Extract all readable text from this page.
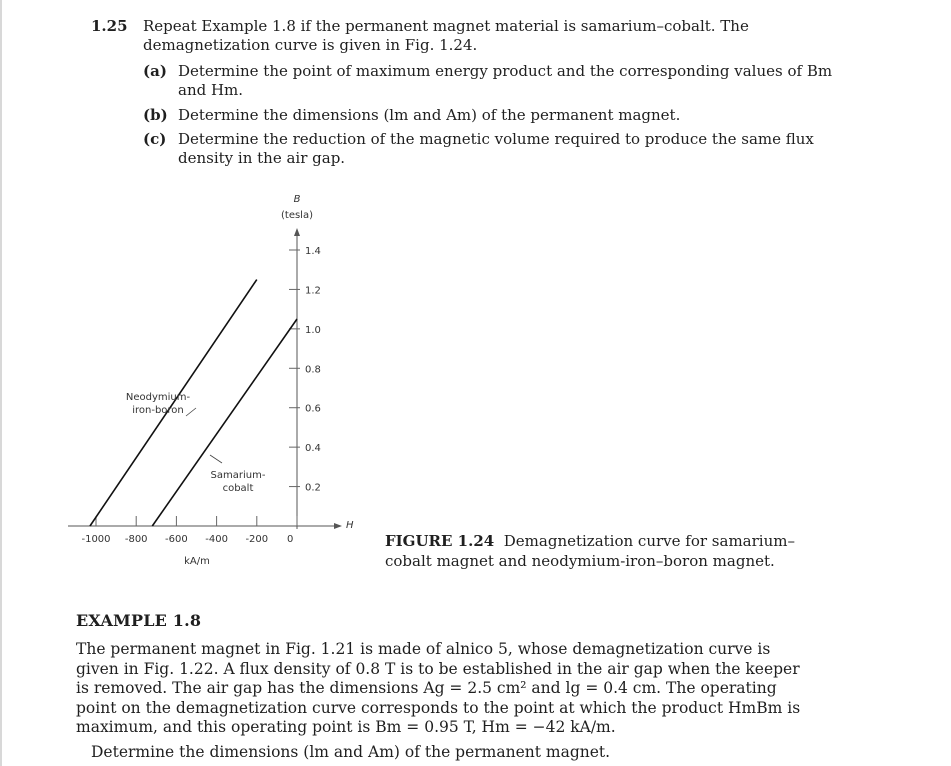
1.25 Repeat Example 1.8 if the permanent magnet material is samarium–cobalt. The demagnetization curve is given in Fig. 1.24.
(a) Determine the point of maximum energy product and the corresponding values of Bm and Hm.
(b) Determine the dimensions (lm and Am) of the permanent magnet.
(c) Determine the reduction of the magnetic volume required to produce the same flux density in the air gap.
B
(tesla)
H
kA/m
0.2
0.4
0.6
0.8
1.0
1.2
1.4
-1000 -800 -600 -400 -200 0
Neodymium-
iron-boron
Samarium-
cobalt
FIGURE 1.24 Demagnetization curve for samarium–cobalt magnet and neodymium-iron–boron magnet.
EXAMPLE 1.8
The permanent magnet in Fig. 1.21 is made of alnico 5, whose demagnetization curve is given in Fig. 1.22. A flux density of 0.8 T is to be established in the air gap when the keeper is removed. The air gap has the dimensions Ag = 2.5 cm² and lg = 0.4 cm. The operating point on the demagnetization curve corresponds to the point at which the product HmBm is maximum, and this operating point is Bm = 0.95 T, Hm = −42 kA/m.
Determine the dimensions (lm and Am) of the permanent magnet.
